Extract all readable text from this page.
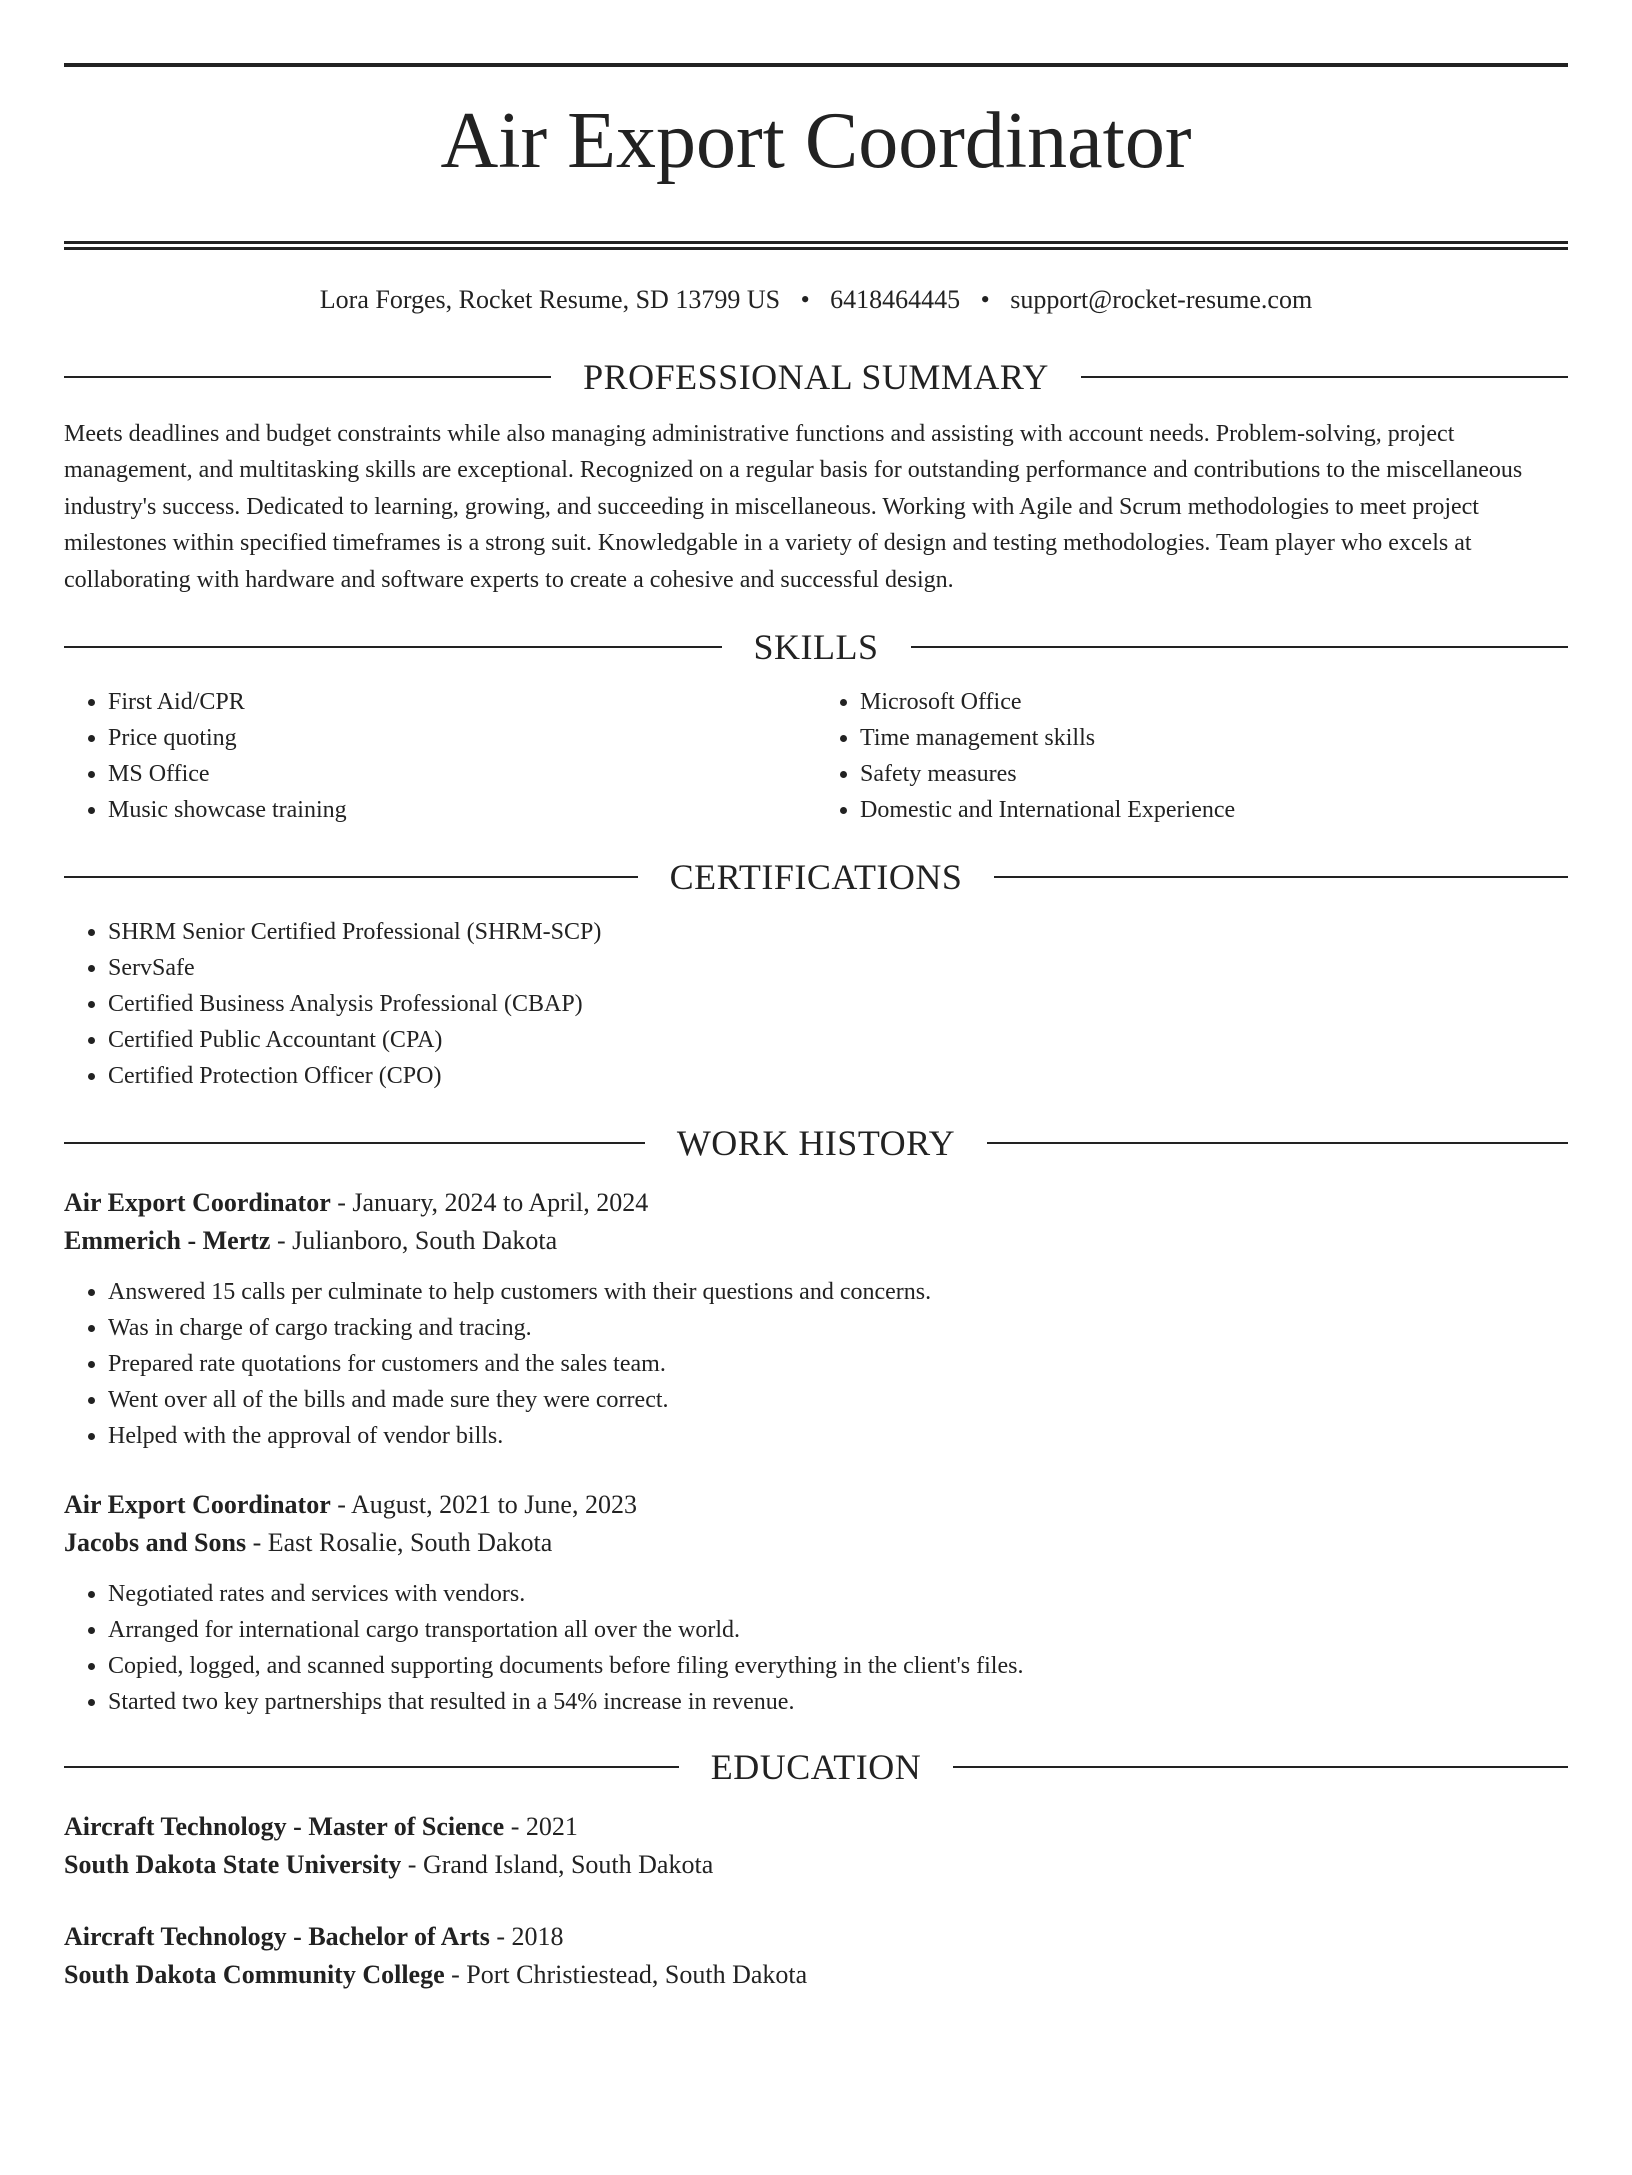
Air Export Coordinator
Lora Forges, Rocket Resume, SD 13799 US • 6418464445 • support@rocket-resume.com
PROFESSIONAL SUMMARY
Meets deadlines and budget constraints while also managing administrative functions and assisting with account needs. Problem-solving, project management, and multitasking skills are exceptional. Recognized on a regular basis for outstanding performance and contributions to the miscellaneous industry's success. Dedicated to learning, growing, and succeeding in miscellaneous. Working with Agile and Scrum methodologies to meet project milestones within specified timeframes is a strong suit. Knowledgable in a variety of design and testing methodologies. Team player who excels at collaborating with hardware and software experts to create a cohesive and successful design.
SKILLS
• First Aid/CPR
• Price quoting
• MS Office
• Music showcase training
• Microsoft Office
• Time management skills
• Safety measures
• Domestic and International Experience
CERTIFICATIONS
• SHRM Senior Certified Professional (SHRM-SCP)
• ServSafe
• Certified Business Analysis Professional (CBAP)
• Certified Public Accountant (CPA)
• Certified Protection Officer (CPO)
WORK HISTORY
Air Export Coordinator - January, 2024 to April, 2024
Emmerich - Mertz - Julianboro, South Dakota
• Answered 15 calls per culminate to help customers with their questions and concerns.
• Was in charge of cargo tracking and tracing.
• Prepared rate quotations for customers and the sales team.
• Went over all of the bills and made sure they were correct.
• Helped with the approval of vendor bills.
Air Export Coordinator - August, 2021 to June, 2023
Jacobs and Sons - East Rosalie, South Dakota
• Negotiated rates and services with vendors.
• Arranged for international cargo transportation all over the world.
• Copied, logged, and scanned supporting documents before filing everything in the client's files.
• Started two key partnerships that resulted in a 54% increase in revenue.
EDUCATION
Aircraft Technology - Master of Science - 2021
South Dakota State University - Grand Island, South Dakota
Aircraft Technology - Bachelor of Arts - 2018
South Dakota Community College - Port Christiestead, South Dakota
